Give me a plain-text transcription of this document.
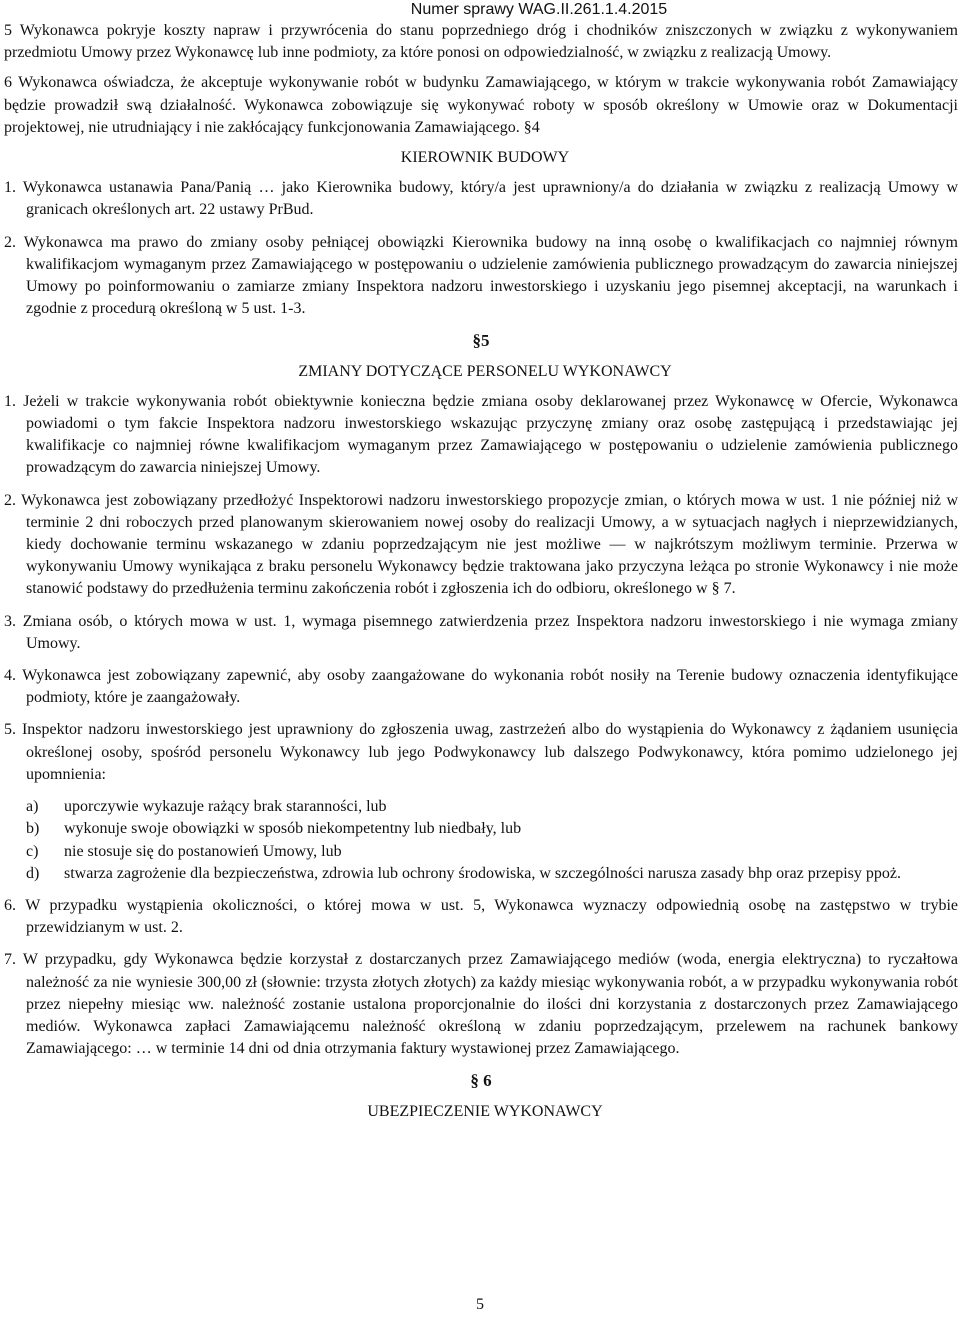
Numer sprawy WAG.II.261.1.4.2015

5 Wykonawca pokryje koszty napraw i przywrócenia do stanu poprzedniego dróg i chodników zniszczonych w związku z wykonywaniem przedmiotu Umowy przez Wykonawcę lub inne podmioty, za które ponosi on odpowiedzialność, w związku z realizacją Umowy.

6 Wykonawca oświadcza, że akceptuje wykonywanie robót w budynku Zamawiającego, w którym w trakcie wykonywania robót Zamawiający będzie prowadził swą działalność. Wykonawca zobowiązuje się wykonywać roboty w sposób określony w Umowie oraz w Dokumentacji projektowej, nie utrudniający i nie zakłócający funkcjonowania Zamawiającego. §4

KIEROWNIK BUDOWY

1. Wykonawca ustanawia Pana/Panią … jako Kierownika budowy, który/a jest uprawniony/a do działania w związku z realizacją Umowy w granicach określonych art. 22 ustawy PrBud.

2. Wykonawca ma prawo do zmiany osoby pełniącej obowiązki Kierownika budowy na inną osobę o kwalifikacjach co najmniej równym kwalifikacjom wymaganym przez Zamawiającego w postępowaniu o udzielenie zamówienia publicznego prowadzącym do zawarcia niniejszej Umowy po poinformowaniu o zamiarze zmiany Inspektora nadzoru inwestorskiego i uzyskaniu jego pisemnej akceptacji, na warunkach i zgodnie z procedurą określoną w 5 ust. 1-3.

§5

ZMIANY DOTYCZĄCE PERSONELU WYKONAWCY

1. Jeżeli w trakcie wykonywania robót obiektywnie konieczna będzie zmiana osoby deklarowanej przez Wykonawcę w Ofercie, Wykonawca powiadomi o tym fakcie Inspektora nadzoru inwestorskiego wskazując przyczynę zmiany oraz osobę zastępującą i przedstawiając jej kwalifikacje co najmniej równe kwalifikacjom wymaganym przez Zamawiającego w postępowaniu o udzielenie zamówienia publicznego prowadzącym do zawarcia niniejszej Umowy.

2. Wykonawca jest zobowiązany przedłożyć Inspektorowi nadzoru inwestorskiego propozycje zmian, o których mowa w ust. 1 nie później niż w terminie 2 dni roboczych przed planowanym skierowaniem nowej osoby do realizacji Umowy, a w sytuacjach nagłych i nieprzewidzianych, kiedy dochowanie terminu wskazanego w zdaniu poprzedzającym nie jest możliwe ― w najkrótszym możliwym terminie. Przerwa w wykonywaniu Umowy wynikająca z braku personelu Wykonawcy będzie traktowana jako przyczyna leżąca po stronie Wykonawcy i nie może stanowić podstawy do przedłużenia terminu zakończenia robót i zgłoszenia ich do odbioru, określonego w § 7.

3. Zmiana osób, o których mowa w ust. 1, wymaga pisemnego zatwierdzenia przez Inspektora nadzoru inwestorskiego i nie wymaga zmiany Umowy.

4. Wykonawca jest zobowiązany zapewnić, aby osoby zaangażowane do wykonania robót nosiły na Terenie budowy oznaczenia identyfikujące podmioty, które je zaangażowały.

5. Inspektor nadzoru inwestorskiego jest uprawniony do zgłoszenia uwag, zastrzeżeń albo do wystąpienia do Wykonawcy z żądaniem usunięcia określonej osoby, spośród personelu Wykonawcy lub jego Podwykonawcy lub dalszego Podwykonawcy, która pomimo udzielonego jej upomnienia:

a)	uporczywie wykazuje rażący brak staranności, lub
b)	wykonuje swoje obowiązki w sposób niekompetentny lub niedbały, lub
c)	nie stosuje się do postanowień Umowy, lub
d)	stwarza zagrożenie dla bezpieczeństwa, zdrowia lub ochrony środowiska, w szczególności narusza zasady bhp oraz przepisy ppoż.

6. W przypadku wystąpienia okoliczności, o której mowa w ust. 5, Wykonawca wyznaczy odpowiednią osobę na zastępstwo w trybie przewidzianym w ust. 2.

7. W przypadku, gdy Wykonawca będzie korzystał z dostarczanych przez Zamawiającego mediów (woda, energia elektryczna) to ryczałtowa należność za nie wyniesie 300,00 zł (słownie: trzysta złotych złotych) za każdy miesiąc wykonywania robót, a w przypadku wykonywania robót przez niepełny miesiąc ww. należność zostanie ustalona proporcjonalnie do ilości dni korzystania z dostarczonych przez Zamawiającego mediów. Wykonawca zapłaci Zamawiającemu należność określoną w zdaniu poprzedzającym, przelewem na rachunek bankowy Zamawiającego: … w terminie 14 dni od dnia otrzymania faktury wystawionej przez Zamawiającego.

§ 6

UBEZPIECZENIE WYKONAWCY

5
